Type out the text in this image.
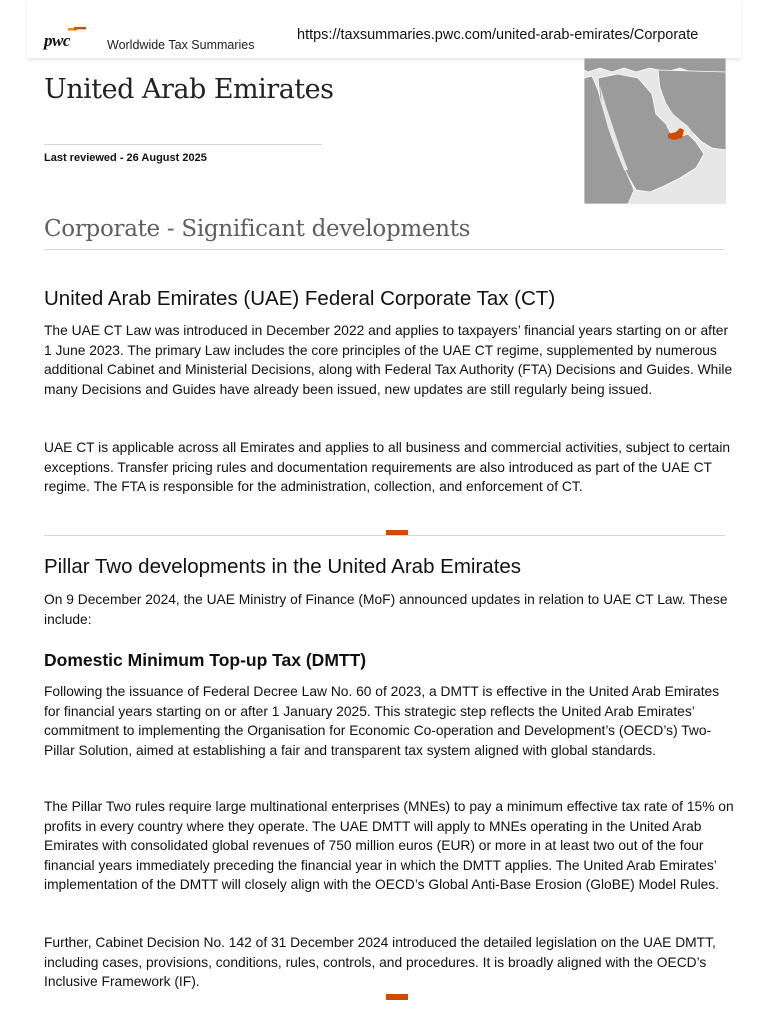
pwc	Worldwide Tax Summaries
https://taxsummaries.pwc.com/united-arab-emirates/Corporate
United Arab Emirates
Last reviewed - 26 August 2025
Corporate - Significant developments
United Arab Emirates (UAE) Federal Corporate Tax (CT)

The UAE CT Law was introduced in December 2022 and applies to taxpayers’ financial years starting on or after 1 June 2023. The primary Law includes the core principles of the UAE CT regime, supplemented by numerous additional Cabinet and Ministerial Decisions, along with Federal Tax Authority (FTA) Decisions and Guides. While many Decisions and Guides have already been issued, new updates are still regularly being issued.

UAE CT is applicable across all Emirates and applies to all business and commercial activities, subject to certain exceptions. Transfer pricing rules and documentation requirements are also introduced as part of the UAE CT regime. The FTA is responsible for the administration, collection, and enforcement of CT.

Pillar Two developments in the United Arab Emirates

On 9 December 2024, the UAE Ministry of Finance (MoF) announced updates in relation to UAE CT Law. These include:

Domestic Minimum Top-up Tax (DMTT)

Following the issuance of Federal Decree Law No. 60 of 2023, a DMTT is effective in the United Arab Emirates for financial years starting on or after 1 January 2025. This strategic step reflects the United Arab Emirates’ commitment to implementing the Organisation for Economic Co-operation and Development’s (OECD’s) Two-Pillar Solution, aimed at establishing a fair and transparent tax system aligned with global standards.

The Pillar Two rules require large multinational enterprises (MNEs) to pay a minimum effective tax rate of 15% on profits in every country where they operate. The UAE DMTT will apply to MNEs operating in the United Arab Emirates with consolidated global revenues of 750 million euros (EUR) or more in at least two out of the four financial years immediately preceding the financial year in which the DMTT applies. The United Arab Emirates’ implementation of the DMTT will closely align with the OECD’s Global Anti-Base Erosion (GloBE) Model Rules.

Further, Cabinet Decision No. 142 of 31 December 2024 introduced the detailed legislation on the UAE DMTT, including cases, provisions, conditions, rules, controls, and procedures. It is broadly aligned with the OECD’s Inclusive Framework (IF).
